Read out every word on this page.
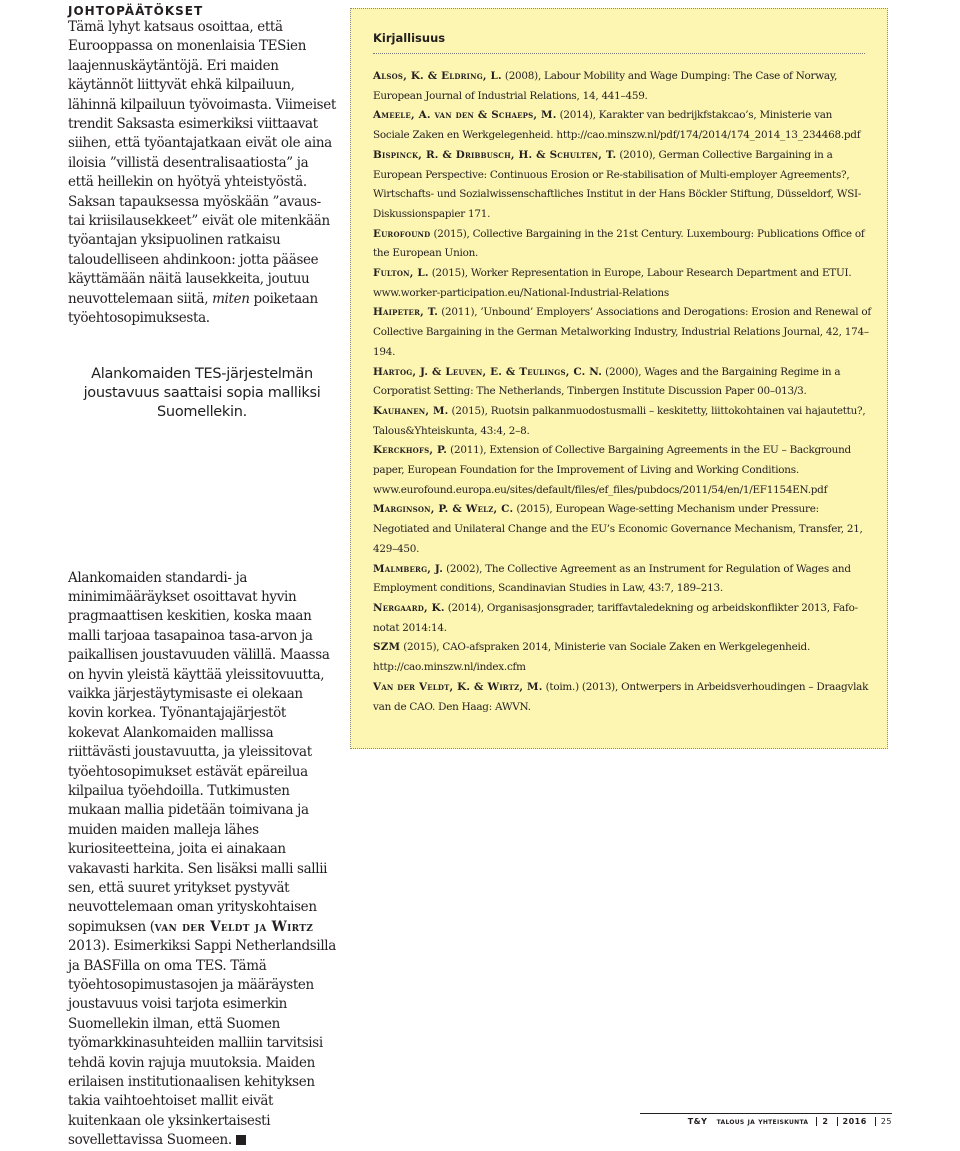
JOHTOPÄÄTÖKSET

Tämä lyhyt katsaus osoittaa, että Eurooppassa on monenlaisia TESien laajennuskäytäntöjä. Eri maiden käytännöt liittyvät ehkä kilpailuun, lähinnä kilpailuun työvoimasta. Viimeiset trendit Saksasta esimerkiksi viittaavat siihen, että työantajatkaan eivät ole aina iloisia ”villistä desentralisaatiosta” ja että heillekin on hyötyä yhteistyöstä. Saksan tapauksessa myöskään ”avaus- tai kriisilausekkeet” eivät ole mitenkään työantajan yksipuolinen ratkaisu taloudelliseen ahdinkoon: jotta pääsee käyttämään näitä lausekkeita, joutuu neuvottelemaan siitä, miten poiketaan työehtosopimuksesta.

Alankomaiden TES-järjestelmän joustavuus saattaisi sopia malliksi Suomellekin.

Alankomaiden standardi- ja minimimääräykset osoittavat hyvin pragmaattisen keskitien, koska maan malli tarjoaa tasapainoa tasa-arvon ja paikallisen joustavuuden välillä. Maassa on hyvin yleistä käyttää yleissitovuutta, vaikka järjestäytymisaste ei olekaan kovin korkea. Työnantajajärjestöt kokevat Alankomaiden mallissa riittävästi joustavuutta, ja yleissitovat työehtosopimukset estävät epäreilua kilpailua työehdoilla. Tutkimusten mukaan mallia pidetään toimivana ja muiden maiden malleja lähes kuriositeetteina, joita ei ainakaan vakavasti harkita. Sen lisäksi malli sallii sen, että suuret yritykset pystyvät neuvottelemaan oman yrityskohtaisen sopimuksen (van der Veldt ja Wirtz 2013). Esimerkiksi Sappi Netherlandsilla ja BASFilla on oma TES. Tämä työehtosopimustasojen ja määräysten joustavuus voisi tarjota esimerkin Suomellekin ilman, että Suomen työmarkkinasuhteiden malliin tarvitsisi tehdä kovin rajuja muutoksia. Maiden erilaisen institutionaalisen kehityksen takia vaihtoehtoiset mallit eivät kuitenkaan ole yksinkertaisesti sovellettavissa Suomeen.

Kirjallisuus

Alsos, K. & Eldring, L. (2008), Labour Mobility and Wage Dumping: The Case of Norway, European Journal of Industrial Relations, 14, 441–459.

Ameele, A. van den & Schaeps, M. (2014), Karakter van bedrijkfstakcao’s, Ministerie van Sociale Zaken en Werkgelegenheid. http://cao.minszw.nl/pdf/174/2014/174_2014_13_234468.pdf

Bispinck, R. & Dribbusch, H. & Schulten, T. (2010), German Collective Bargaining in a European Perspective: Continuous Erosion or Re-stabilisation of Multi-employer Agreements?, Wirtschafts- und Sozialwissenschaftliches Institut in der Hans Böckler Stiftung, Düsseldorf, WSI-Diskussionspapier 171.

Eurofound (2015), Collective Bargaining in the 21st Century. Luxembourg: Publications Office of the European Union.

Fulton, L. (2015), Worker Representation in Europe, Labour Research Department and ETUI. www.worker-participation.eu/National-Industrial-Relations

Haipeter, T. (2011), ’Unbound’ Employers’ Associations and Derogations: Erosion and Renewal of Collective Bargaining in the German Metalworking Industry, Industrial Relations Journal, 42, 174–194.

Hartog, J. & Leuven, E. & Teulings, C. N. (2000), Wages and the Bargaining Regime in a Corporatist Setting: The Netherlands, Tinbergen Institute Discussion Paper 00–013/3.

Kauhanen, M. (2015), Ruotsin palkanmuodostusmalli – keskitetty, liittokohtainen vai hajautettu?, Talous&Yhteiskunta, 43:4, 2–8.

Kerckhofs, P. (2011), Extension of Collective Bargaining Agreements in the EU – Background paper, European Foundation for the Improvement of Living and Working Conditions. www.eurofound.europa.eu/sites/default/files/ef_files/pubdocs/2011/54/en/1/EF1154EN.pdf

Marginson, P. & Welz, C. (2015), European Wage-setting Mechanism under Pressure: Negotiated and Unilateral Change and the EU’s Economic Governance Mechanism, Transfer, 21, 429–450.

Malmberg, J. (2002), The Collective Agreement as an Instrument for Regulation of Wages and Employment conditions, Scandinavian Studies in Law, 43:7, 189–213.

Nergaard, K. (2014), Organisasjonsgrader, tariffavtaledekning og arbeidskonflikter 2013, Fafo-notat 2014:14.

SZM (2015), CAO-afspraken 2014, Ministerie van Sociale Zaken en Werkgelegenheid. http://cao.minszw.nl/index.cfm

Van der Veldt, K. & Wirtz, M. (toim.) (2013), Ontwerpers in Arbeidsverhoudingen – Draagvlak van de CAO. Den Haag: AWVN.

T&Y talous ja yhteiskunta 2 2016 25
